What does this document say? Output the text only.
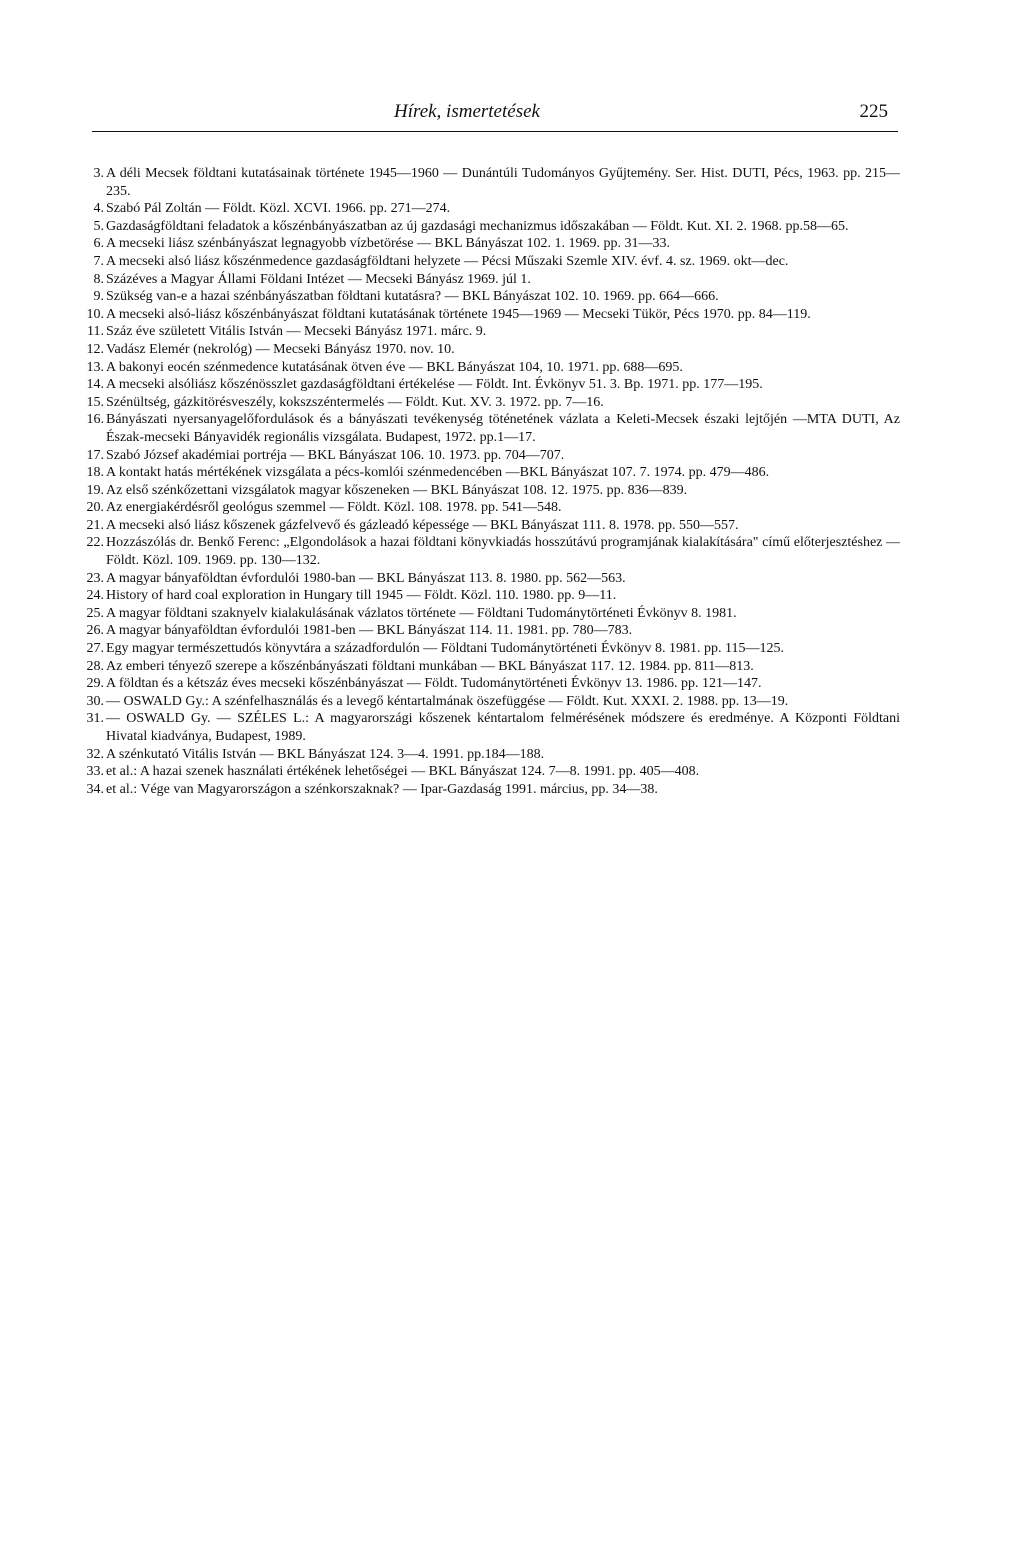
Hírek, ismertetések	225
3. A déli Mecsek földtani kutatásainak története 1945—1960 — Dunántúli Tudományos Gyűjtemény. Ser. Hist. DUTI, Pécs, 1963. pp. 215—235.
4. Szabó Pál Zoltán — Földt. Közl. XCVI. 1966. pp. 271—274.
5. Gazdaságföldtani feladatok a kőszénbányászatban az új gazdasági mechanizmus időszakában — Földt. Kut. XI. 2. 1968. pp.58—65.
6. A mecseki liász szénbányászat legnagyobb vízbetörése — BKL Bányászat 102. 1. 1969. pp. 31—33.
7. A mecseki alsó liász kőszénmedence gazdaságföldtani helyzete — Pécsi Műszaki Szemle XIV. évf. 4. sz. 1969. okt—dec.
8. Százéves a Magyar Állami Földani Intézet — Mecseki Bányász 1969. júl 1.
9. Szükség van-e a hazai szénbányászatban földtani kutatásra? — BKL Bányászat 102. 10. 1969. pp. 664—666.
10. A mecseki alsó-liász kőszénbányászat földtani kutatásának története 1945—1969 — Mecseki Tükör, Pécs 1970. pp. 84—119.
11. Száz éve született Vitális István — Mecseki Bányász 1971. márc. 9.
12. Vadász Elemér (nekrológ) — Mecseki Bányász 1970. nov. 10.
13. A bakonyi eocén szénmedence kutatásának ötven éve — BKL Bányászat 104, 10. 1971. pp. 688—695.
14. A mecseki alsóliász kőszénösszlet gazdaságföldtani értékelése — Földt. Int. Évkönyv 51. 3. Bp. 1971. pp. 177—195.
15. Szénültség, gázkitörésveszély, kokszszéntermelés — Földt. Kut. XV. 3. 1972. pp. 7—16.
16. Bányászati nyersanyagelőfordulások és a bányászati tevékenység töténetének vázlata a Keleti-Mecsek északi lejtőjén —MTA DUTI, Az Észak-mecseki Bányavidék regionális vizsgálata. Budapest, 1972. pp.1—17.
17. Szabó József akadémiai portréja — BKL Bányászat 106. 10. 1973. pp. 704—707.
18. A kontakt hatás mértékének vizsgálata a pécs-komlói szénmedencében —BKL Bányászat 107. 7. 1974. pp. 479—486.
19. Az első szénkőzettani vizsgálatok magyar kőszeneken — BKL Bányászat 108. 12. 1975. pp. 836—839.
20. Az energiakérdésről geológus szemmel — Földt. Közl. 108. 1978. pp. 541—548.
21. A mecseki alsó liász kőszenek gázfelvevő és gázleadó képessége — BKL Bányászat 111. 8. 1978. pp. 550—557.
22. Hozzászólás dr. Benkő Ferenc: „Elgondolások a hazai földtani könyvkiadás hosszútávú programjának kialakítására" című előterjesztéshez — Földt. Közl. 109. 1969. pp. 130—132.
23. A magyar bányaföldtan évfordulói 1980-ban — BKL Bányászat 113. 8. 1980. pp. 562—563.
24. History of hard coal exploration in Hungary till 1945 — Földt. Közl. 110. 1980. pp. 9—11.
25. A magyar földtani szaknyelv kialakulásának vázlatos története — Földtani Tudománytörténeti Évkönyv 8. 1981.
26. A magyar bányaföldtan évfordulói 1981-ben — BKL Bányászat 114. 11. 1981. pp. 780—783.
27. Egy magyar természettudós könyvtára a századfordulón — Földtani Tudománytörténeti Évkönyv 8. 1981. pp. 115—125.
28. Az emberi tényező szerepe a kőszénbányászati földtani munkában — BKL Bányászat 117. 12. 1984. pp. 811—813.
29. A földtan és a kétszáz éves mecseki kőszénbányászat — Földt. Tudománytörténeti Évkönyv 13. 1986. pp. 121—147.
30. — OSWALD Gy.: A szénfelhasználás és a levegő kéntartalmának öszefüggése — Földt. Kut. XXXI. 2. 1988. pp. 13—19.
31. — OSWALD Gy. — SZÉLES L.: A magyarországi kőszenek kéntartalom felmérésének módszere és eredménye. A Központi Földtani Hivatal kiadványa, Budapest, 1989.
32. A szénkutató Vitális István — BKL Bányászat 124. 3—4. 1991. pp.184—188.
33. et al.: A hazai szenek használati értékének lehetőségei — BKL Bányászat 124. 7—8. 1991. pp. 405—408.
34. et al.: Vége van Magyarországon a szénkorszaknak? — Ipar-Gazdaság 1991. március, pp. 34—38.
